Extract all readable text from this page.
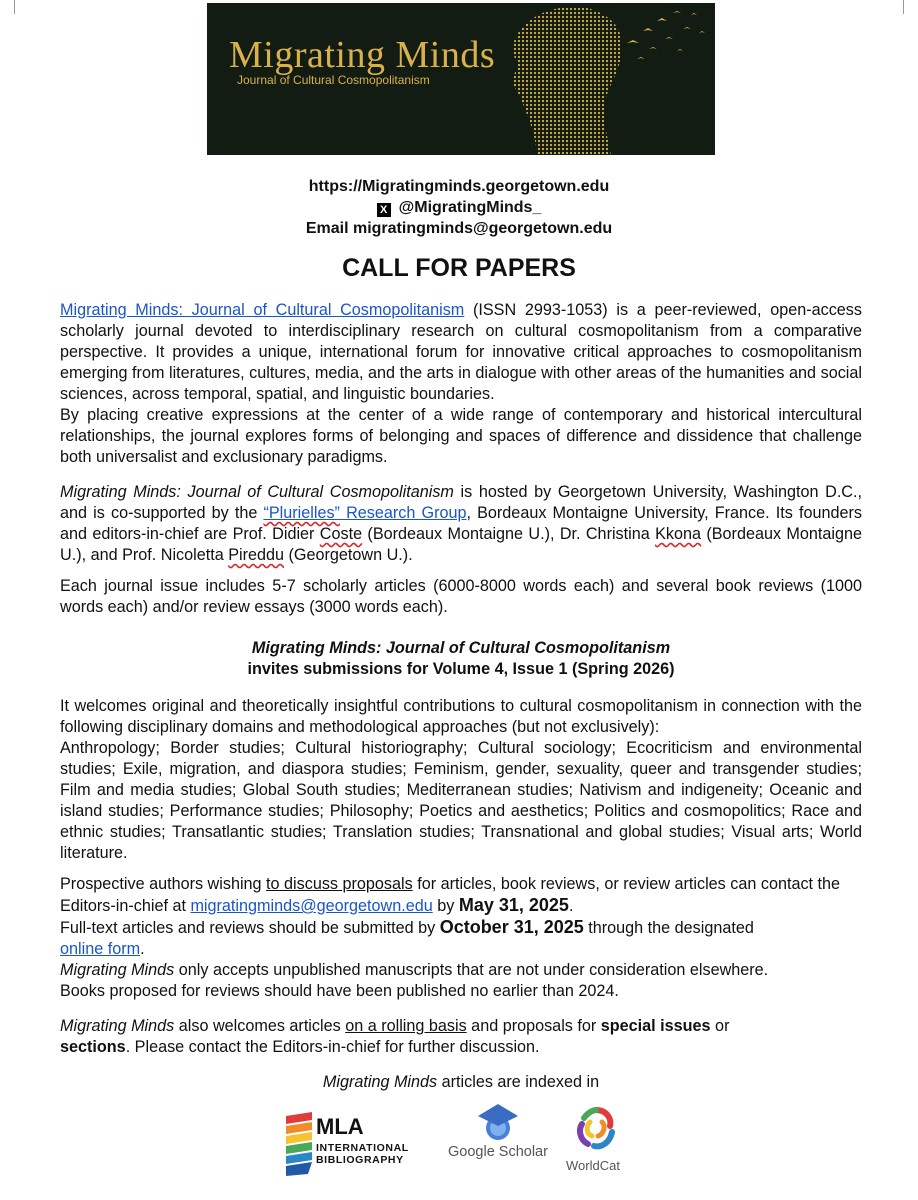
Migrating Minds
Journal of Cultural Cosmopolitanism
https://Migratingminds.georgetown.edu
X @MigratingMinds_
Email migratingminds@georgetown.edu
CALL FOR PAPERS

Migrating Minds: Journal of Cultural Cosmopolitanism (ISSN 2993-1053) is a peer-reviewed, open-access scholarly journal devoted to interdisciplinary research on cultural cosmopolitanism from a comparative perspective. It provides a unique, international forum for innovative critical approaches to cosmopolitanism emerging from literatures, cultures, media, and the arts in dialogue with other areas of the humanities and social sciences, across temporal, spatial, and linguistic boundaries.

By placing creative expressions at the center of a wide range of contemporary and historical intercultural relationships, the journal explores forms of belonging and spaces of difference and dissidence that challenge both universalist and exclusionary paradigms.

Migrating Minds: Journal of Cultural Cosmopolitanism is hosted by Georgetown University, Washington D.C., and is co-supported by the “Plurielles” Research Group, Bordeaux Montaigne University, France. Its founders and editors-in-chief are Prof. Didier Coste (Bordeaux Montaigne U.), Dr. Christina Kkona (Bordeaux Montaigne U.), and Prof. Nicoletta Pireddu (Georgetown U.).

Each journal issue includes 5-7 scholarly articles (6000-8000 words each) and several book reviews (1000 words each) and/or review essays (3000 words each).

Migrating Minds: Journal of Cultural Cosmopolitanism
invites submissions for Volume 4, Issue 1 (Spring 2026)

It welcomes original and theoretically insightful contributions to cultural cosmopolitanism in connection with the following disciplinary domains and methodological approaches (but not exclusively):

Anthropology; Border studies; Cultural historiography; Cultural sociology; Ecocriticism and environmental studies; Exile, migration, and diaspora studies; Feminism, gender, sexuality, queer and transgender studies; Film and media studies; Global South studies; Mediterranean studies; Nativism and indigeneity; Oceanic and island studies; Performance studies; Philosophy; Poetics and aesthetics; Politics and cosmopolitics; Race and ethnic studies; Transatlantic studies; Translation studies; Transnational and global studies; Visual arts; World literature.

Prospective authors wishing to discuss proposals for articles, book reviews, or review articles can contact the Editors-in-chief at migratingminds@georgetown.edu by May 31, 2025.

Full-text articles and reviews should be submitted by October 31, 2025 through the designated
online form.

Migrating Minds only accepts unpublished manuscripts that are not under consideration elsewhere.

Books proposed for reviews should have been published no earlier than 2024.

Migrating Minds also welcomes articles on a rolling basis and proposals for special issues or
sections. Please contact the Editors-in-chief for further discussion.

Migrating Minds articles are indexed in
MLA
INTERNATIONAL
BIBLIOGRAPHY	Google Scholar
WorldCat
